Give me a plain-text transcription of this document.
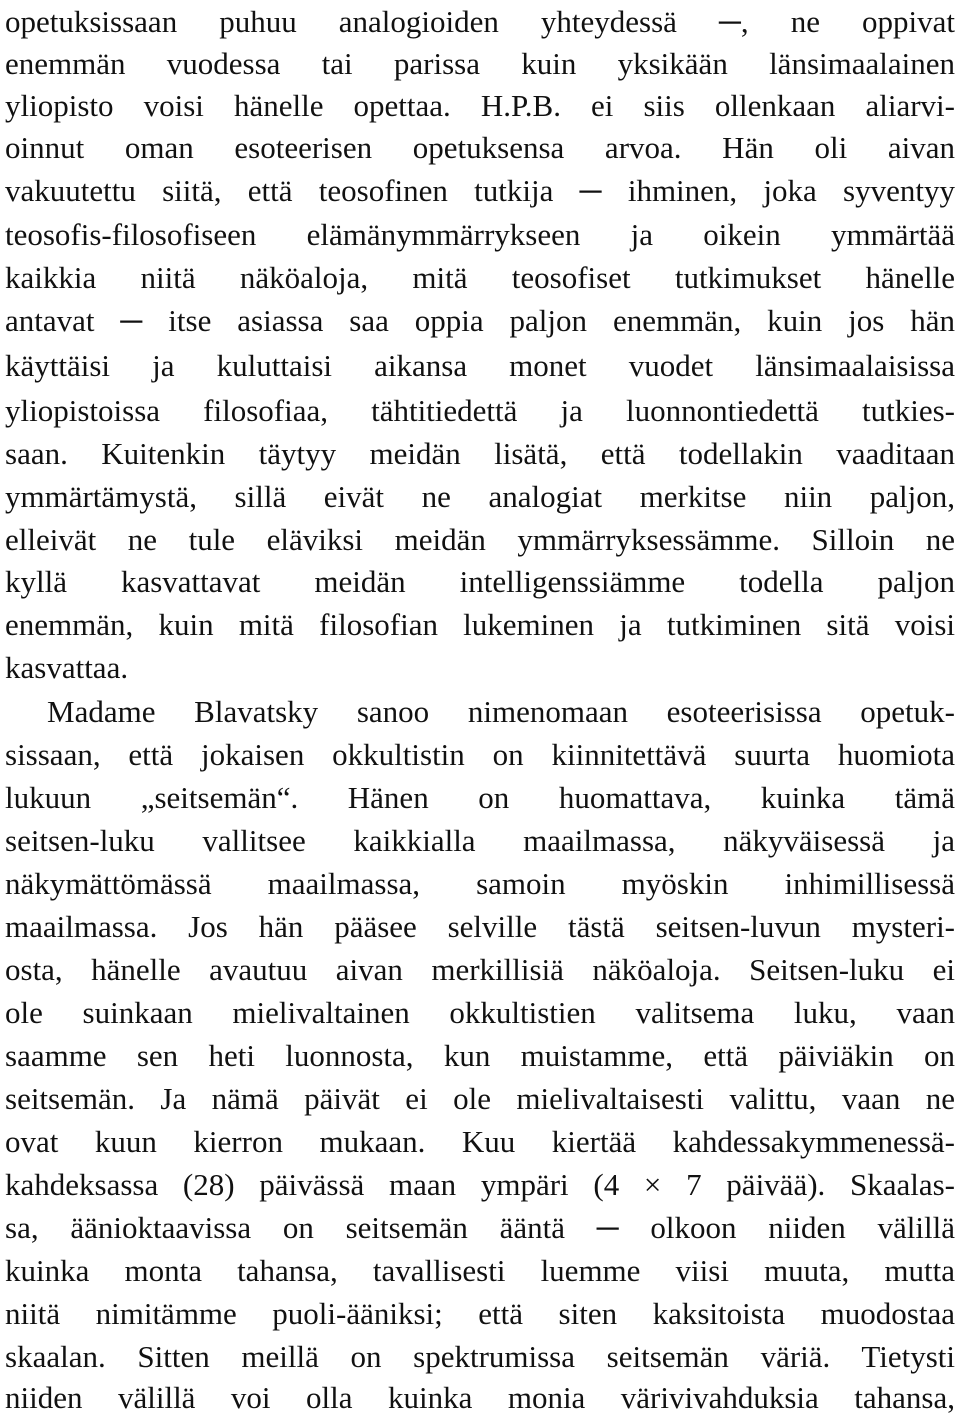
opetuksissaan puhuu analogioiden yhteydessä ─, ne oppivat
enemmän vuodessa tai parissa kuin yksikään länsimaalainen
yliopisto voisi hänelle opettaa. H.P.B. ei siis ollenkaan aliarvi-
oinnut oman esoteerisen opetuksensa arvoa. Hän oli aivan
vakuutettu siitä, että teosofinen tutkija ─ ihminen, joka syventyy
teosofis-filosofiseen elämänymmärrykseen ja oikein ymmärtää
kaikkia niitä näköaloja, mitä teosofiset tutkimukset hänelle
antavat ─ itse asiassa saa oppia paljon enemmän, kuin jos hän
käyttäisi ja kuluttaisi aikansa monet vuodet länsimaalaisissa
yliopistoissa filosofiaa, tähtitiedettä ja luonnontiedettä tutkies-
saan. Kuitenkin täytyy meidän lisätä, että todellakin vaaditaan
ymmärtämystä, sillä eivät ne analogiat merkitse niin paljon,
elleivät ne tule eläviksi meidän ymmärryksessämme. Silloin ne
kyllä kasvattavat meidän intelligenssiämme todella paljon
enemmän, kuin mitä filosofian lukeminen ja tutkiminen sitä voisi
kasvattaa.
Madame Blavatsky sanoo nimenomaan esoteerisissa opetuk-
sissaan, että jokaisen okkultistin on kiinnitettävä suurta huomiota
lukuun „seitsemän“. Hänen on huomattava, kuinka tämä
seitsen-luku vallitsee kaikkialla maailmassa, näkyväisessä ja
näkymättömässä maailmassa, samoin myöskin inhimillisessä
maailmassa. Jos hän pääsee selville tästä seitsen-luvun mysteri-
osta, hänelle avautuu aivan merkillisiä näköaloja. Seitsen-luku ei
ole suinkaan mielivaltainen okkultistien valitsema luku, vaan
saamme sen heti luonnosta, kun muistamme, että päiviäkin on
seitsemän. Ja nämä päivät ei ole mielivaltaisesti valittu, vaan ne
ovat kuun kierron mukaan. Kuu kiertää kahdessakymmenessä-
kahdeksassa (28) päivässä maan ympäri (4 × 7 päivää). Skaalas-
sa, äänioktaavissa on seitsemän ääntä ─ olkoon niiden välillä
kuinka monta tahansa, tavallisesti luemme viisi muuta, mutta
niitä nimitämme puoli-ääniksi; että siten kaksitoista muodostaa
skaalan. Sitten meillä on spektrumissa seitsemän väriä. Tietysti
niiden välillä voi olla kuinka monia värivivahduksia tahansa,
